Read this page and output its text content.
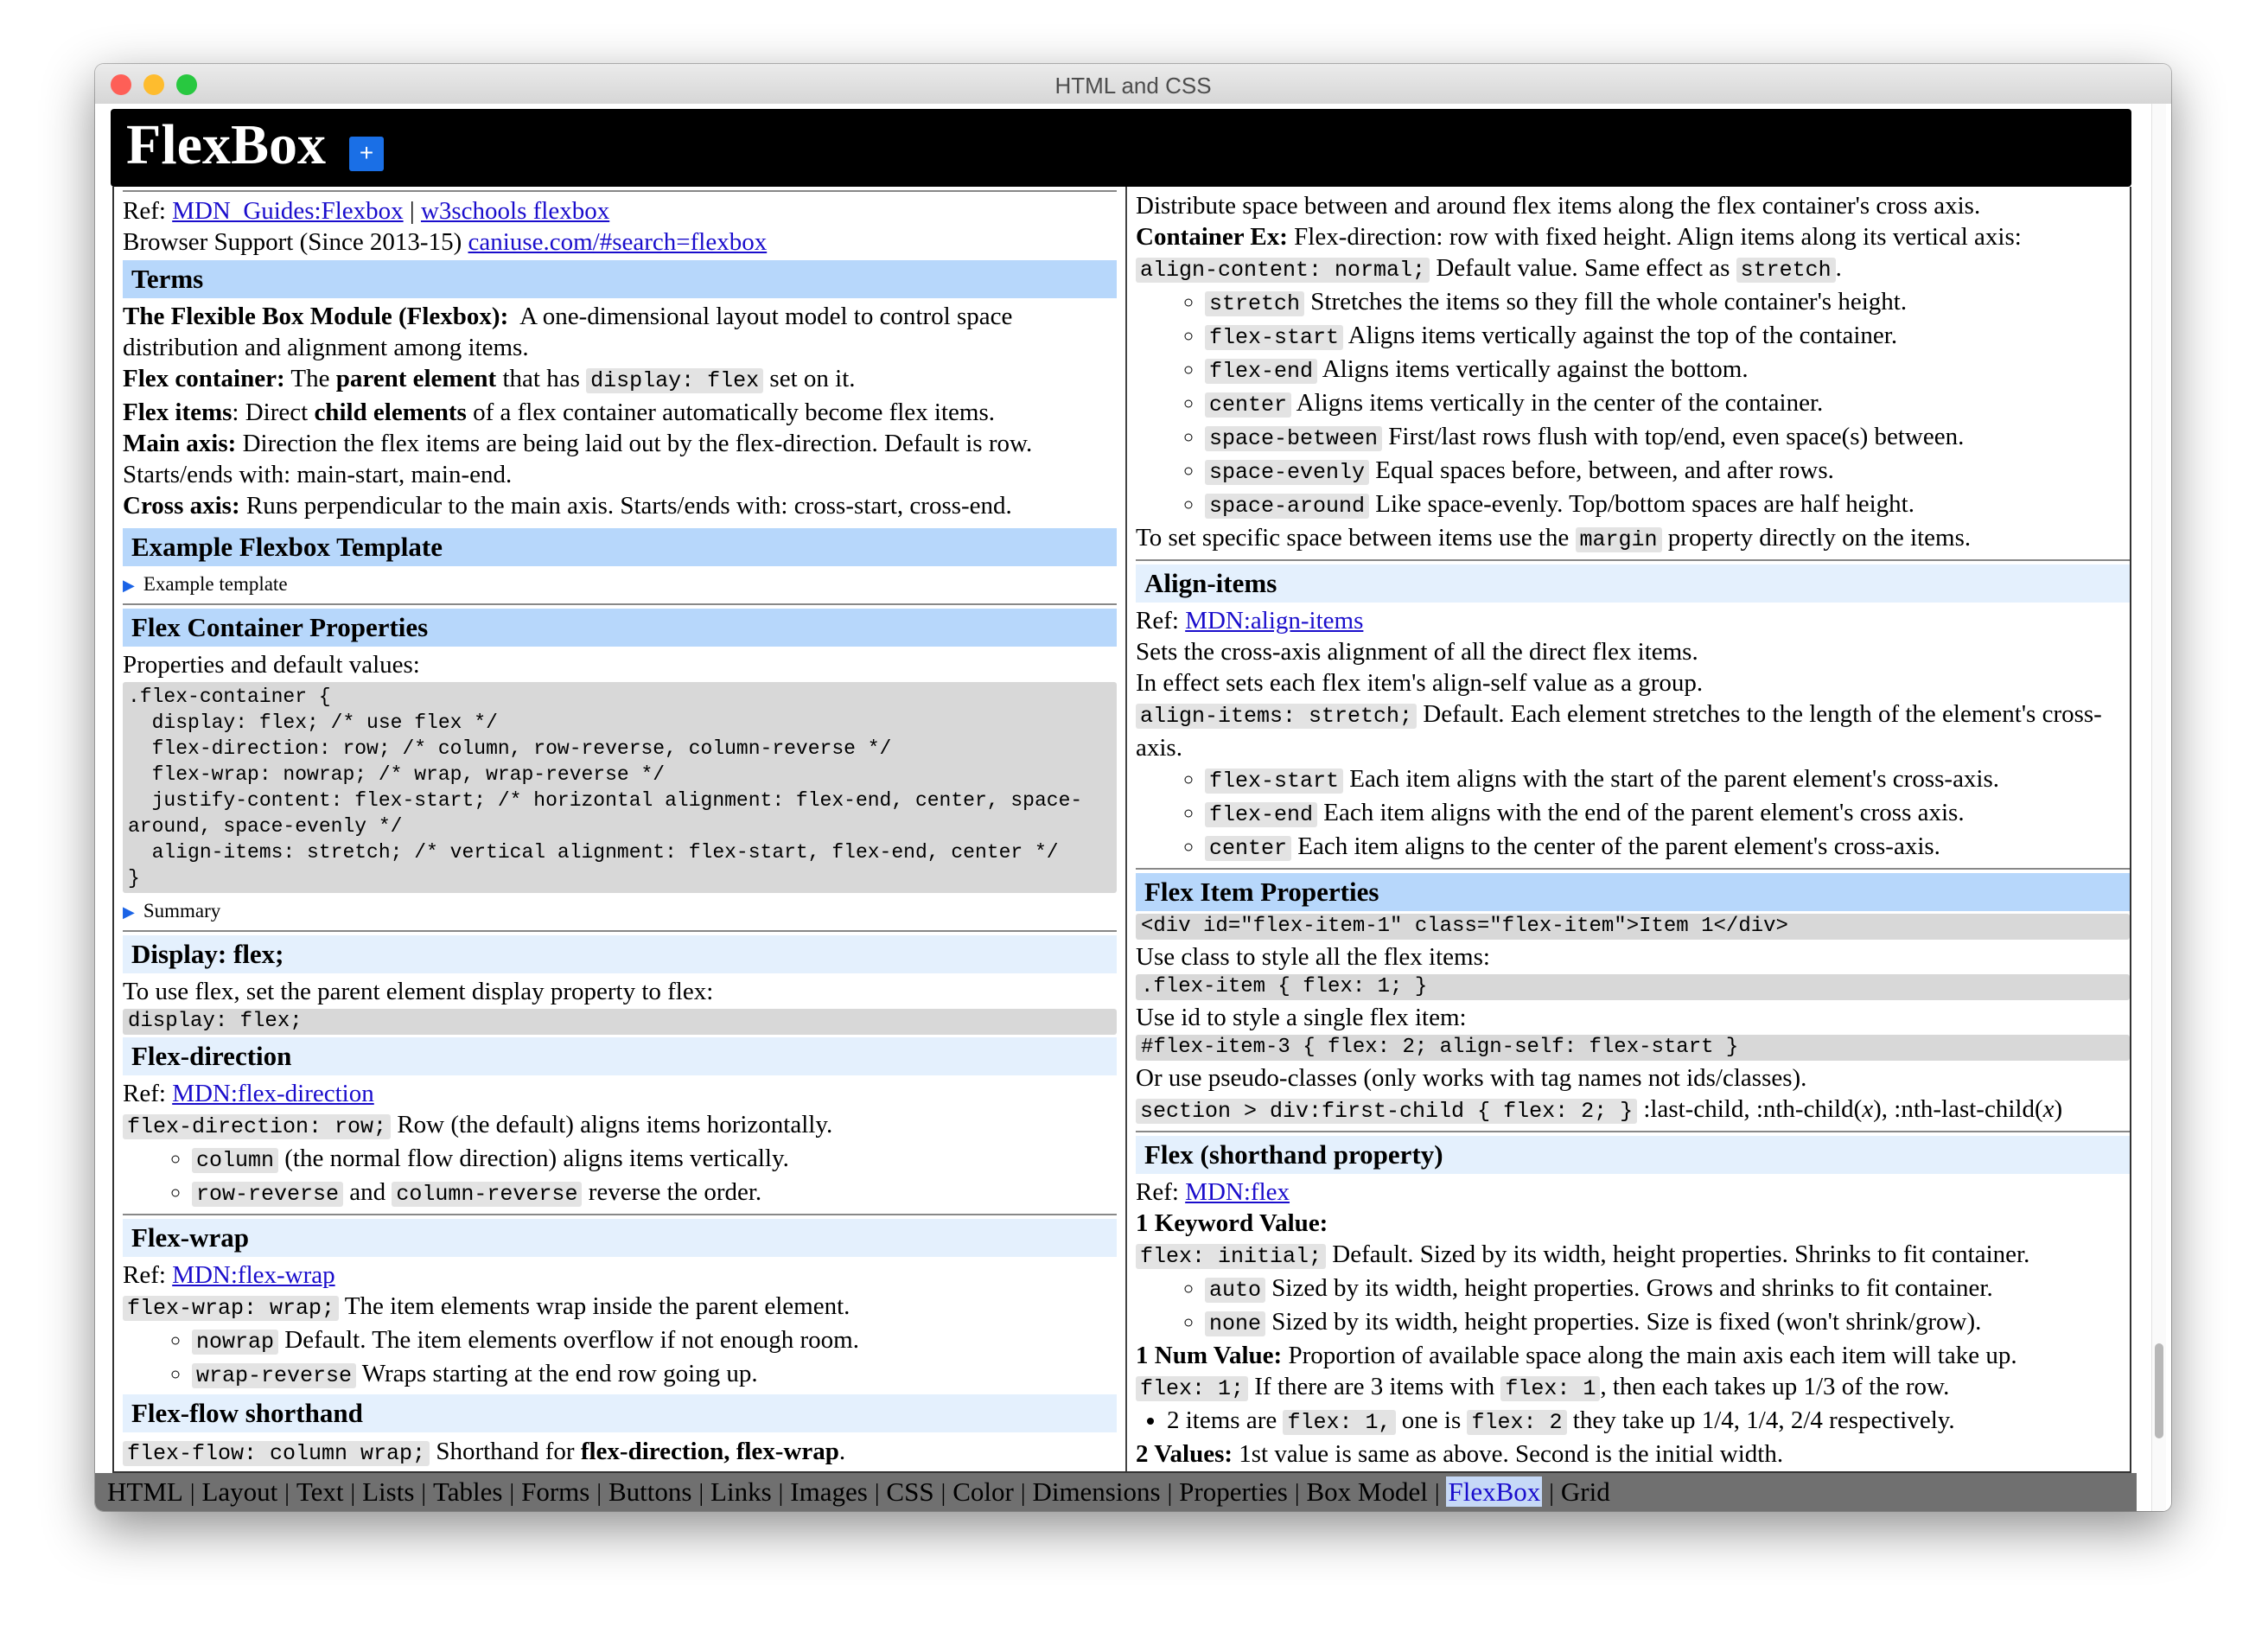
HTML and CSS
FlexBox	+

Ref: MDN_Guides:Flexbox | w3schools flexbox

Browser Support (Since 2013-15) caniuse.com/#search=flexbox

Terms

The Flexible Box Module (Flexbox): A one-dimensional layout model to control space distribution and alignment among items.

Flex container: The parent element that has display: flex set on it.

Flex items: Direct child elements of a flex container automatically become flex items.

Main axis: Direction the flex items are being laid out by the flex-direction. Default is row. Starts/ends with: main-start, main-end.

Cross axis: Runs perpendicular to the main axis. Starts/ends with: cross-start, cross-end.

Example Flexbox Template
▶ Example template
Flex Container Properties

Properties and default values:

.flex-container {
display: flex; /* use flex */
flex-direction: row; /* column, row-reverse, column-reverse */
flex-wrap: nowrap; /* wrap, wrap-reverse */
justify-content: flex-start; /* horizontal alignment: flex-end, center, space-around, space-evenly */
align-items: stretch; /* vertical alignment: flex-start, flex-end, center */
}
▶ Summary
Display: flex;

To use flex, set the parent element display property to flex:

display: flex;
Flex-direction

Ref: MDN:flex-direction

flex-direction: row; Row (the default) aligns items horizontally.

◦ column (the normal flow direction) aligns items vertically.
◦ row-reverse and column-reverse reverse the order.
Flex-wrap

Ref: MDN:flex-wrap

flex-wrap: wrap; The item elements wrap inside the parent element.

◦ nowrap Default. The item elements overflow if not enough room.
◦ wrap-reverse Wraps starting at the end row going up.
Flex-flow shorthand

flex-flow: column wrap; Shorthand for flex-direction, flex-wrap.

Distribute space between and around flex items along the flex container's cross axis.

Container Ex: Flex-direction: row with fixed height. Align items along its vertical axis:

align-content: normal; Default value. Same effect as stretch .

◦ stretch Stretches the items so they fill the whole container's height.
◦ flex-start Aligns items vertically against the top of the container.
◦ flex-end Aligns items vertically against the bottom.
◦ center Aligns items vertically in the center of the container.
◦ space-between First/last rows flush with top/end, even space(s) between.
◦ space-evenly Equal spaces before, between, and after rows.
◦ space-around Like space-evenly. Top/bottom spaces are half height.

To set specific space between items use the margin property directly on the items.

Align-items

Ref: MDN:align-items

Sets the cross-axis alignment of all the direct flex items.

In effect sets each flex item's align-self value as a group.

align-items: stretch; Default. Each element stretches to the length of the element's cross-axis.

◦ flex-start Each item aligns with the start of the parent element's cross-axis.
◦ flex-end Each item aligns with the end of the parent element's cross axis.
◦ center Each item aligns to the center of the parent element's cross-axis.
Flex Item Properties
<div id="flex-item-1" class="flex-item">Item 1</div>

Use class to style all the flex items:

.flex-item { flex: 1; }

Use id to style a single flex item:

#flex-item-3 { flex: 2; align-self: flex-start }

Or use pseudo-classes (only works with tag names not ids/classes).

section > div:first-child { flex: 2; } :last-child, :nth-child(x), :nth-last-child(x)

Flex (shorthand property)

Ref: MDN:flex

1 Keyword Value:

flex: initial; Default. Sized by its width, height properties. Shrinks to fit container.

◦ auto Sized by its width, height properties. Grows and shrinks to fit container.
◦ none Sized by its width, height properties. Size is fixed (won't shrink/grow).

1 Num Value: Proportion of available space along the main axis each item will take up.

flex: 1; If there are 3 items with flex: 1 , then each takes up 1/3 of the row.

• 2 items are flex: 1, one is flex: 2 they take up 1/4, 1/4, 2/4 respectively.

2 Values: 1st value is same as above. Second is the initial width.

HTML | Layout | Text | Lists | Tables | Forms | Buttons | Links | Images | CSS | Color | Dimensions | Properties | Box Model | FlexBox | Grid
